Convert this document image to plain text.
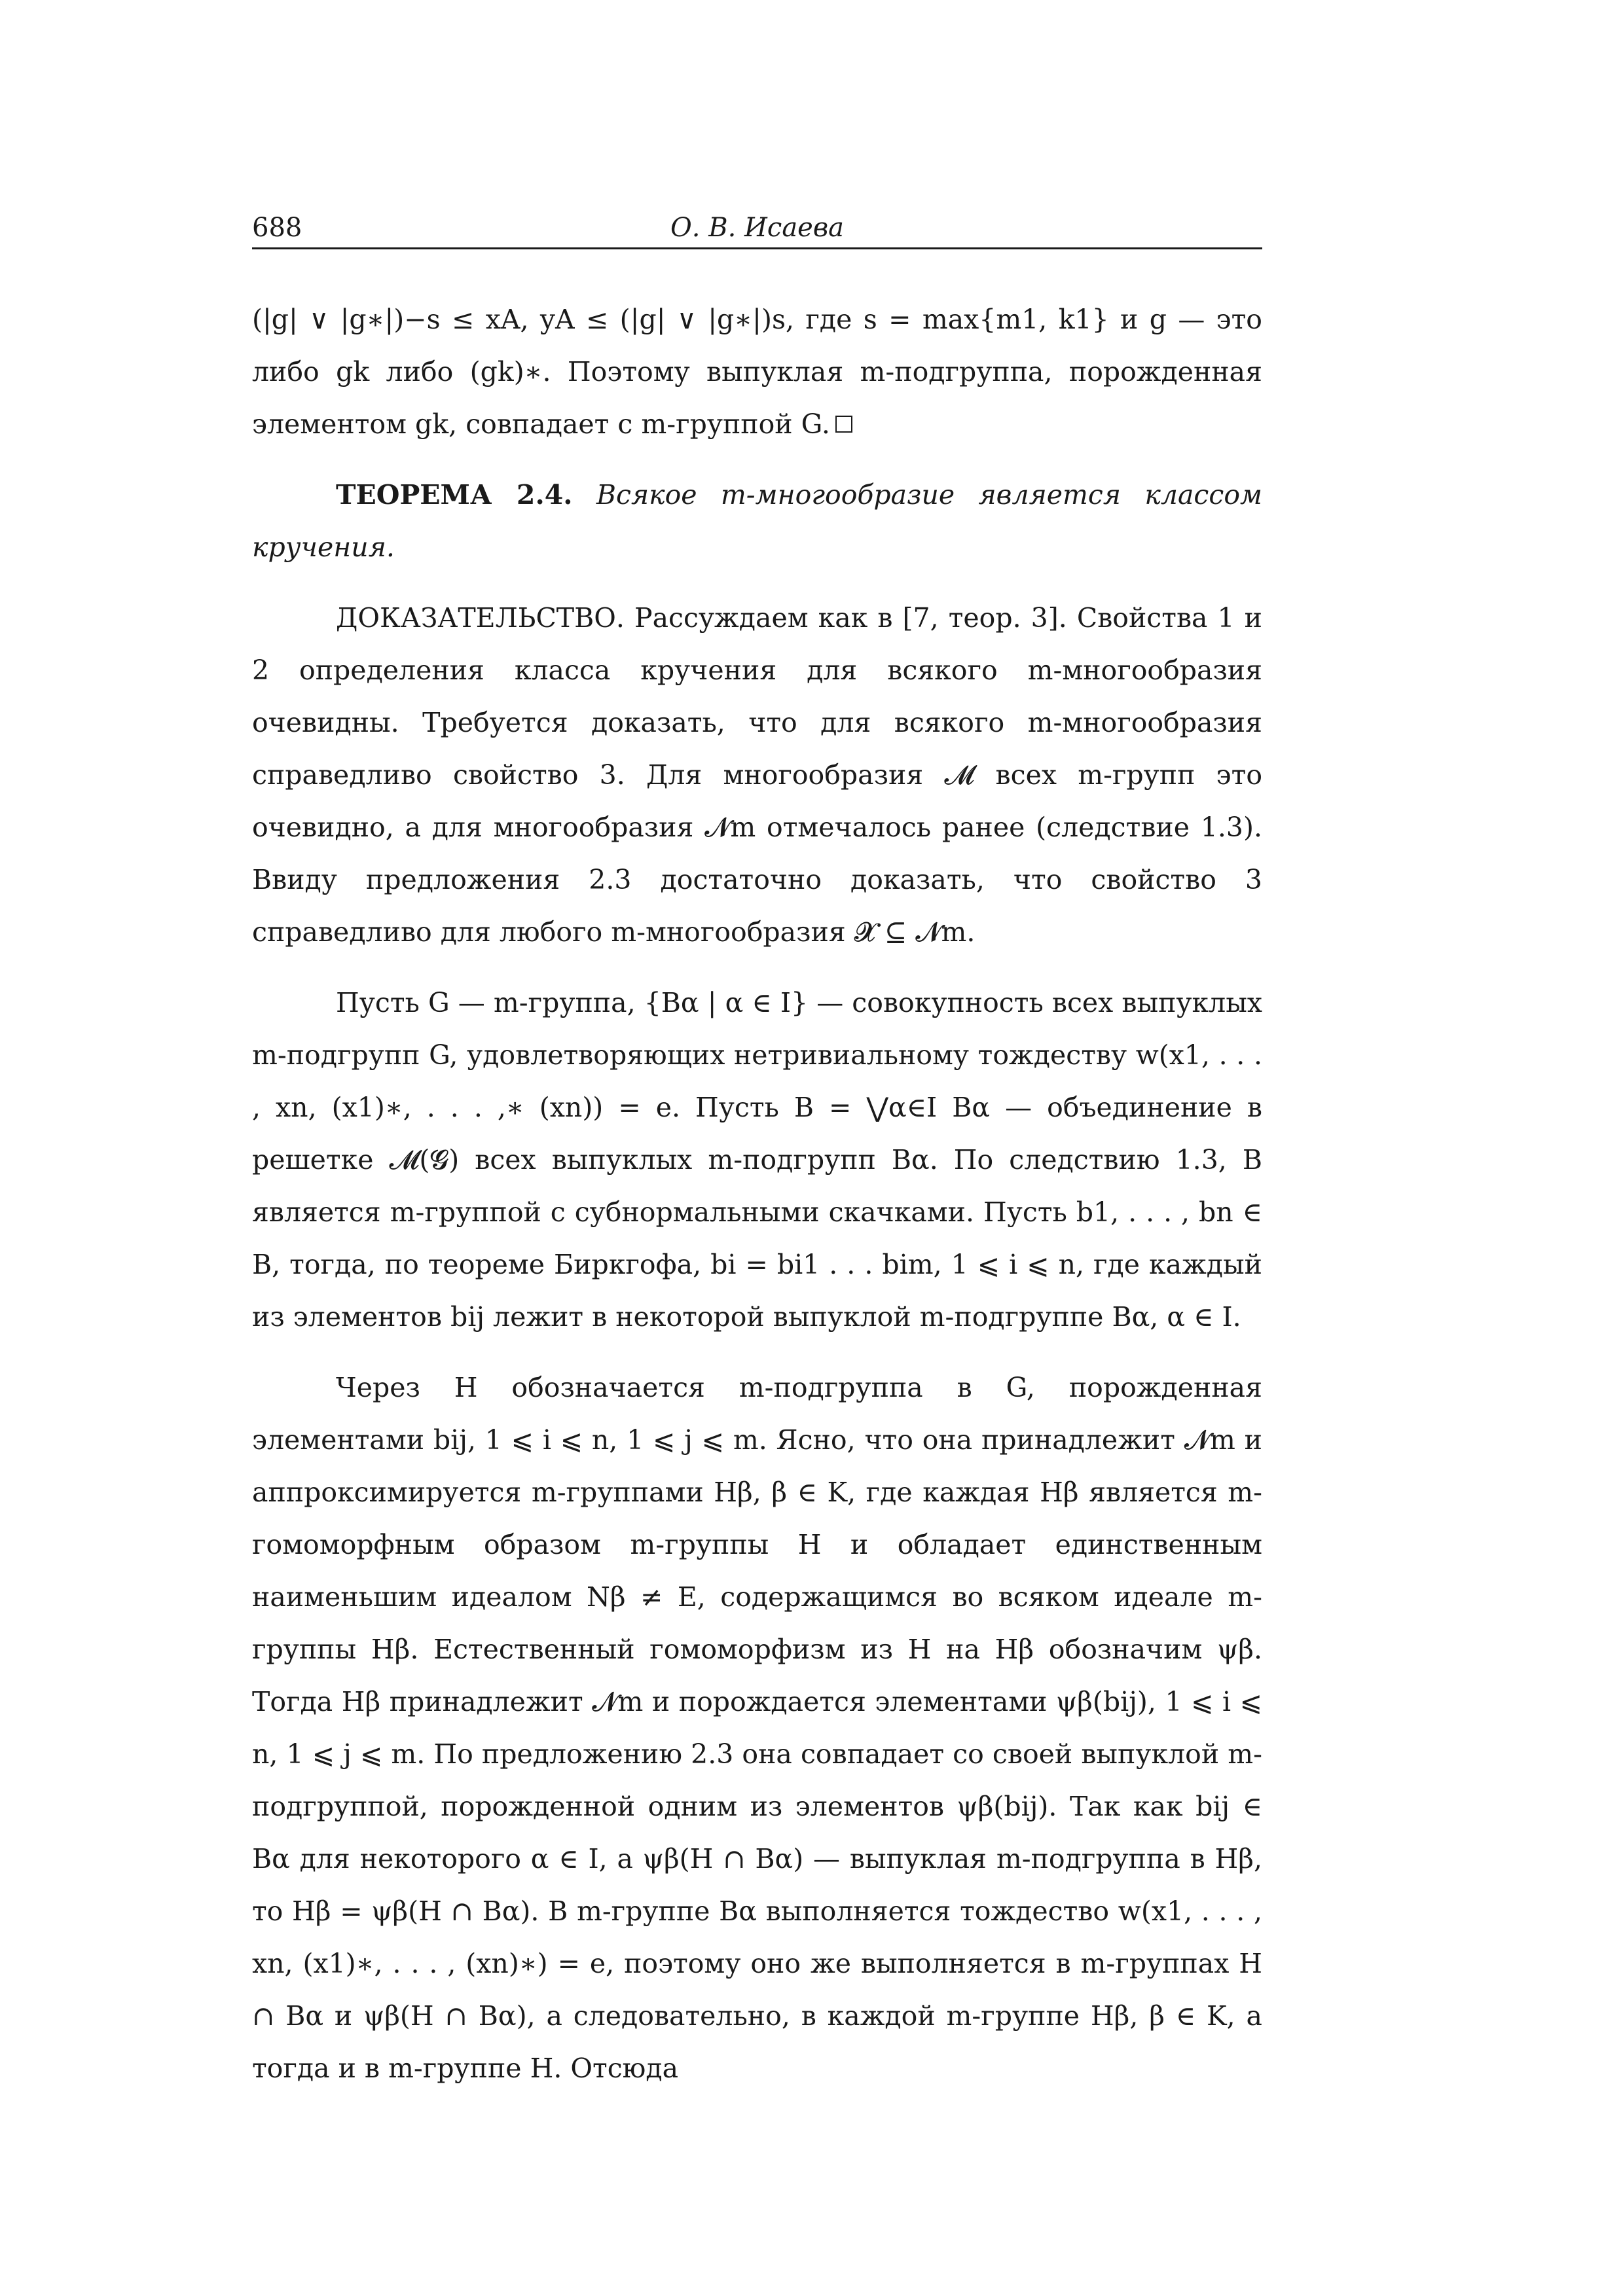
688	О. В. Исаева

(|g| ∨ |g∗|)−s ≤ xA, yA ≤ (|g| ∨ |g∗|)s, где s = max{m1, k1} и g — это либо gk либо (gk)∗. Поэтому выпуклая m-подгруппа, порожденная элементом gk, совпадает с m-группой G.

ТЕОРЕМА 2.4. Всякое m-многообразие является классом кручения.

ДОКАЗАТЕЛЬСТВО. Рассуждаем как в [7, теор. 3]. Свойства 1 и 2 определения класса кручения для всякого m-многообразия очевидны. Требуется доказать, что для всякого m-многообразия справедливо свойство 3. Для многообразия 𝓜 всех m-групп это очевидно, а для многообразия 𝓝m отмечалось ранее (следствие 1.3). Ввиду предложения 2.3 достаточно доказать, что свойство 3 справедливо для любого m-многообразия 𝓧 ⊆ 𝓝m.

Пусть G — m-группа, {Bα | α ∈ I} — совокупность всех выпуклых m-подгрупп G, удовлетворяющих нетривиальному тождеству w(x1, . . . , xn, (x1)∗, . . . ,∗ (xn)) = e. Пусть B = ⋁α∈I Bα — объединение в решетке 𝓜(𝓖) всех выпуклых m-подгрупп Bα. По следствию 1.3, B является m-группой с субнормальными скачками. Пусть b1, . . . , bn ∈ B, тогда, по теореме Биркгофа, bi = bi1 . . . bim, 1 ⩽ i ⩽ n, где каждый из элементов bij лежит в некоторой выпуклой m-подгруппе Bα, α ∈ I.

Через H обозначается m-подгруппа в G, порожденная элементами bij, 1 ⩽ i ⩽ n, 1 ⩽ j ⩽ m. Ясно, что она принадлежит 𝓝m и аппроксимируется m-группами Hβ, β ∈ K, где каждая Hβ является m-гомоморфным образом m-группы H и обладает единственным наименьшим идеалом Nβ ≠ E, содержащимся во всяком идеале m-группы Hβ. Естественный гомоморфизм из H на Hβ обозначим ψβ. Тогда Hβ принадлежит 𝓝m и порождается элементами ψβ(bij), 1 ⩽ i ⩽ n, 1 ⩽ j ⩽ m. По предложению 2.3 она совпадает со своей выпуклой m-подгруппой, порожденной одним из элементов ψβ(bij). Так как bij ∈ Bα для некоторого α ∈ I, а ψβ(H ∩ Bα) — выпуклая m-подгруппа в Hβ, то Hβ = ψβ(H ∩ Bα). В m-группе Bα выполняется тождество w(x1, . . . , xn, (x1)∗, . . . , (xn)∗) = e, поэтому оно же выполняется в m-группах H ∩ Bα и ψβ(H ∩ Bα), а следовательно, в каждой m-группе Hβ, β ∈ K, а тогда и в m-группе H. Отсюда
